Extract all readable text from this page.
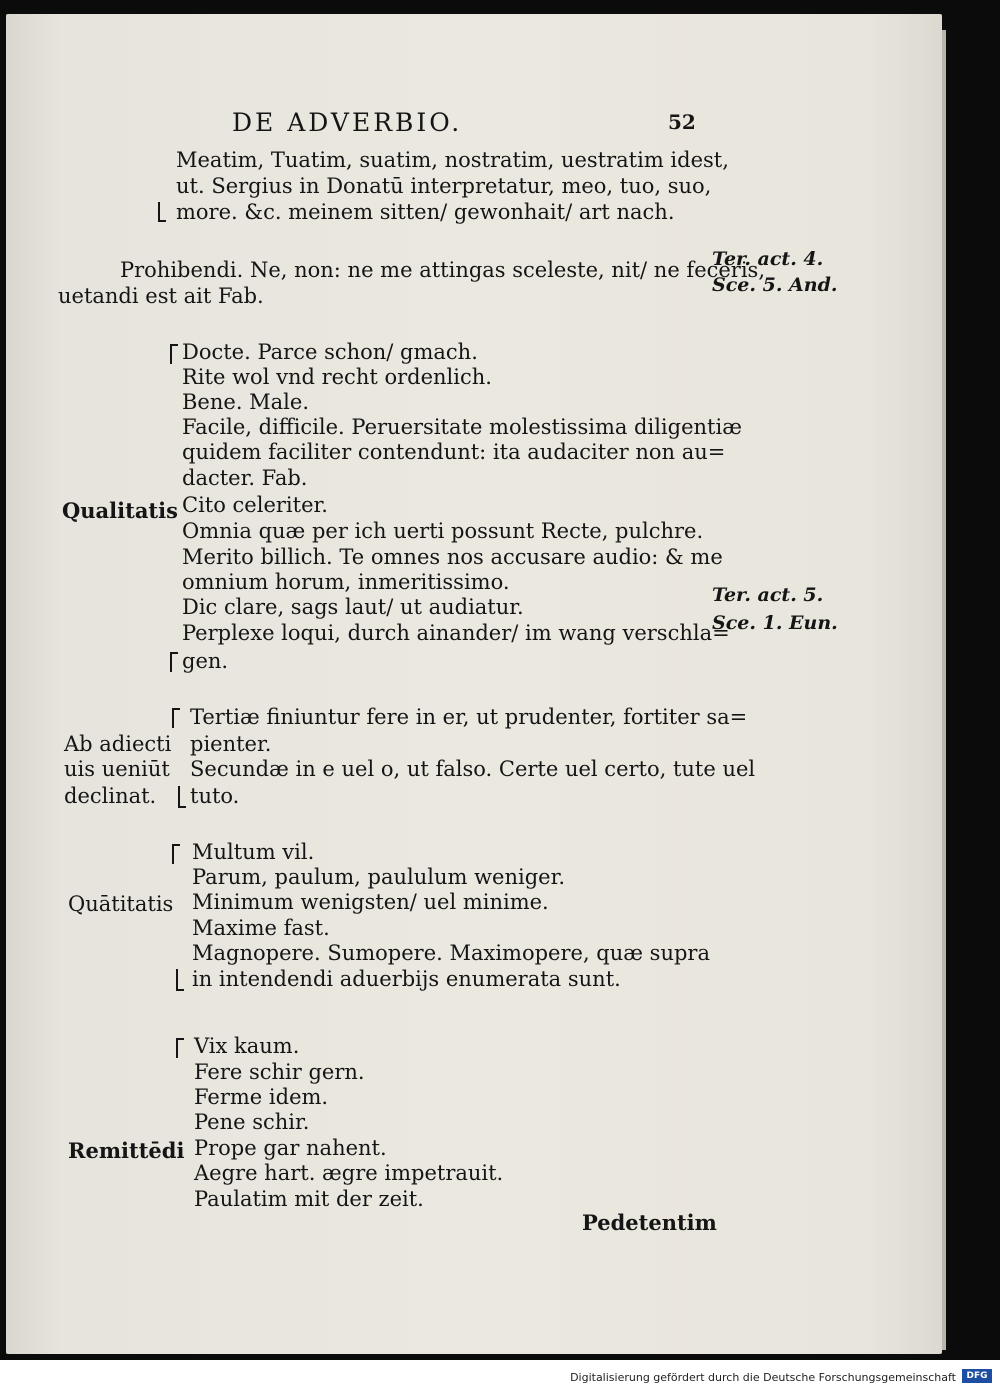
DE ADVERBIO.	52
Meatim, Tuatim, suatim, nostratim, uestratim idest,
ut. Sergius in Donatū interpretatur, meo, tuo, suo,
more. &c. meinem sitten/ gewonhait/ art nach.
Prohibendi. Ne, non: ne me attingas sceleste, nit/ ne feceris,
uetandi est ait Fab.
Ter. act. 4.
Sce. 5. And.
Docte. Parce schon/ gmach.
Rite wol vnd recht ordenlich.
Bene. Male.
Facile, difficile. Peruersitate molestissima diligentiæ
quidem faciliter contendunt: ita audaciter non au=
dacter. Fab.
Qualitatis Cito celeriter.
Omnia quæ per ich uerti possunt Recte, pulchre.
Merito billich. Te omnes nos accusare audio: & me
omnium horum, inmeritissimo.
Dic clare, sags laut/ ut audiatur.
Perplexe loqui, durch ainander/ im wang verschla=
gen.
Ter. act. 5.
Sce. 1. Eun.
Tertiæ finiuntur fere in er, ut prudenter, fortiter sa=
Ab adiecti pienter.
uis ueniūt Secundæ in e uel o, ut falso. Certe uel certo, tute uel
declinat. tuto.
Multum vil.
Parum, paulum, paululum weniger.
Quātitatis Minimum wenigsten/ uel minime.
Maxime fast.
Magnopere. Sumopere. Maximopere, quæ supra
in intendendi aduerbijs enumerata sunt.
Vix kaum.
Fere schir gern.
Ferme idem.
Pene schir.
Remittēdi Prope gar nahent.
Aegre hart. ægre impetrauit.
Paulatim mit der zeit.
Pedetentim
Digitalisierung gefördert durch die Deutsche Forschungsgemeinschaft	DFG
